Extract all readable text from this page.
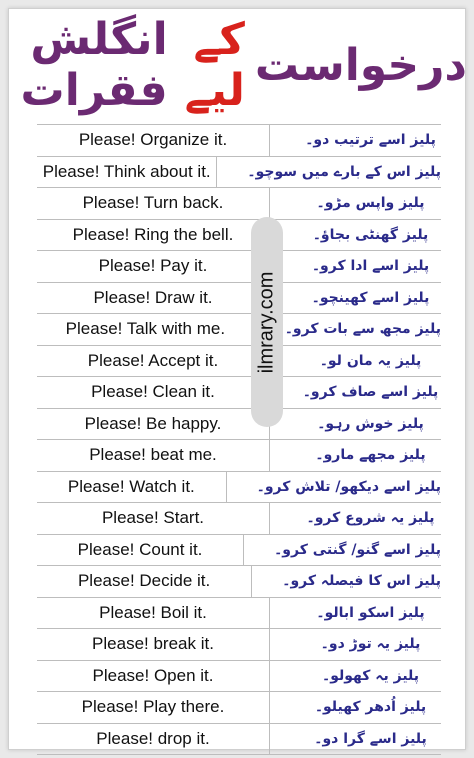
درخواست
کے لیے
انگلش فقرات
Please! Organize it.	پلیز اسے ترتیب دو۔
Please! Think about it.	پلیز اس کے بارے میں سوچو۔
Please! Turn back.	پلیز واپس مڑو۔
Please! Ring the bell.	پلیز گھنٹی بجاؤ۔
Please! Pay it.	پلیز اسے ادا کرو۔
Please! Draw it.	پلیز اسے کھینچو۔
Please! Talk with me.	پلیز مجھ سے بات کرو۔
Please! Accept it.	پلیز یہ مان لو۔
Please! Clean it.	پلیز اسے صاف کرو۔
Please! Be happy.	پلیز خوش رہو۔
Please! beat me.	پلیز مجھے مارو۔
Please! Watch it.	پلیز اسے دیکھو/ تلاش کرو۔
Please! Start.	پلیز یہ شروع کرو۔
Please! Count it.	پلیز اسے گنو/ گنتی کرو۔
Please! Decide it.	پلیز اس کا فیصلہ کرو۔
Please! Boil it.	پلیز اسکو ابالو۔
Please! break it.	پلیز یہ توڑ دو۔
Please! Open it.	پلیز یہ کھولو۔
Please! Play there.	پلیز اُدھر کھیلو۔
Please! drop it.	پلیز اسے گرا دو۔
ilmrary.com
